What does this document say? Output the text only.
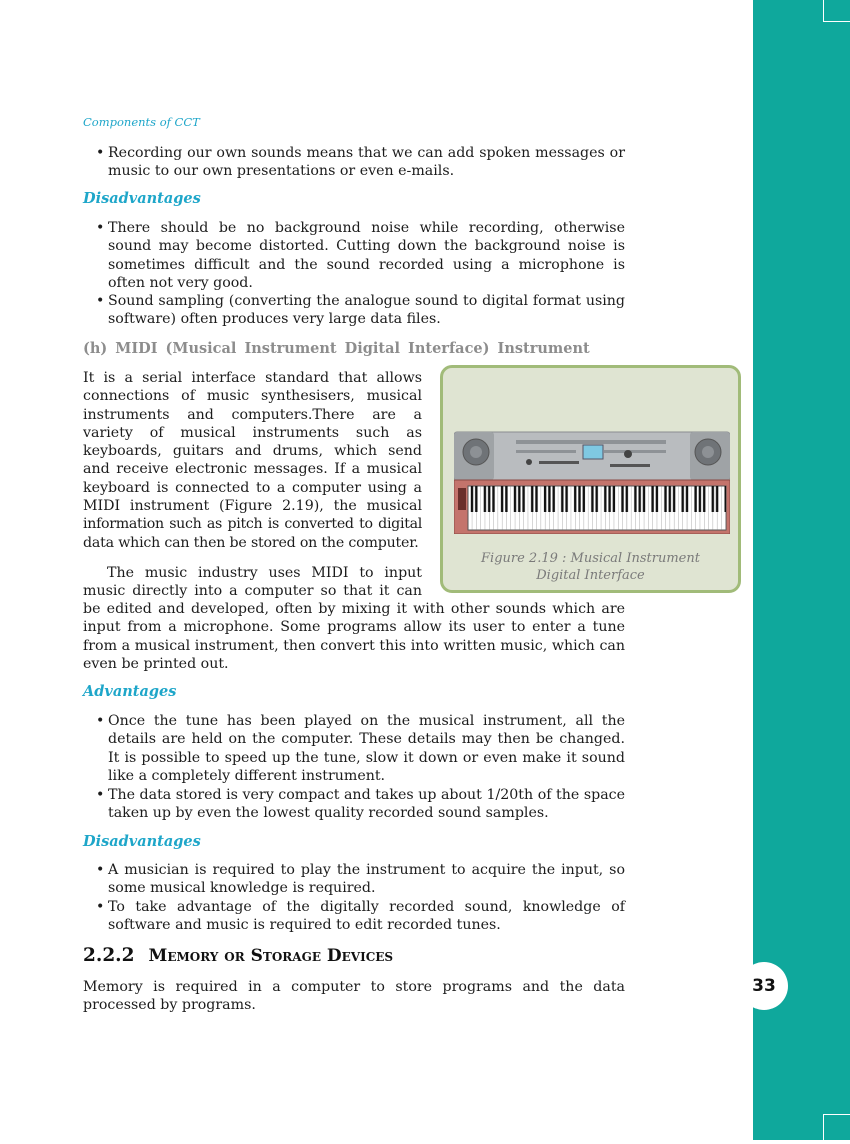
33
Components of CCT
• Recording our own sounds means that we can add spoken messages or music to our own presentations or even e-mails.
Disadvantages
• There should be no background noise while recording, otherwise sound may become distorted. Cutting down the background noise is sometimes difficult and the sound recorded using a microphone is often not very good.
• Sound sampling (converting the analogue sound to digital format using software) often produces very large data files.
(h) MIDI (Musical Instrument Digital Interface) Instrument
It is a serial interface standard that allows
connections of music synthesisers, musical
instruments and computers.There are a
variety of musical instruments such as
keyboards, guitars and drums, which send
and receive electronic messages. If a musical
keyboard is connected to a computer using a
MIDI instrument (Figure 2.19), the musical
information such as pitch is converted to digital
data which can then be stored on the computer.
The music industry uses MIDI to input
music directly into a computer so that it can
be edited and developed, often by mixing it with other sounds which are input from a microphone. Some programs allow its user to enter a tune from a musical instrument, then convert this into written music, which can even be printed out.
Figure 2.19 : Musical Instrument
Digital Interface
Advantages
• Once the tune has been played on the musical instrument, all the details are held on the computer. These details may then be changed. It is possible to speed up the tune, slow it down or even make it sound like a completely different instrument.
• The data stored is very compact and takes up about 1/20th of the space taken up by even the lowest quality recorded sound samples.
Disadvantages
• A musician is required to play the instrument to acquire the input, so some musical knowledge is required.
• To take advantage of the digitally recorded sound, knowledge of software and music is required to edit recorded tunes.
2.2.2 Memory or Storage Devices
Memory is required in a computer to store programs and the data processed by programs.
